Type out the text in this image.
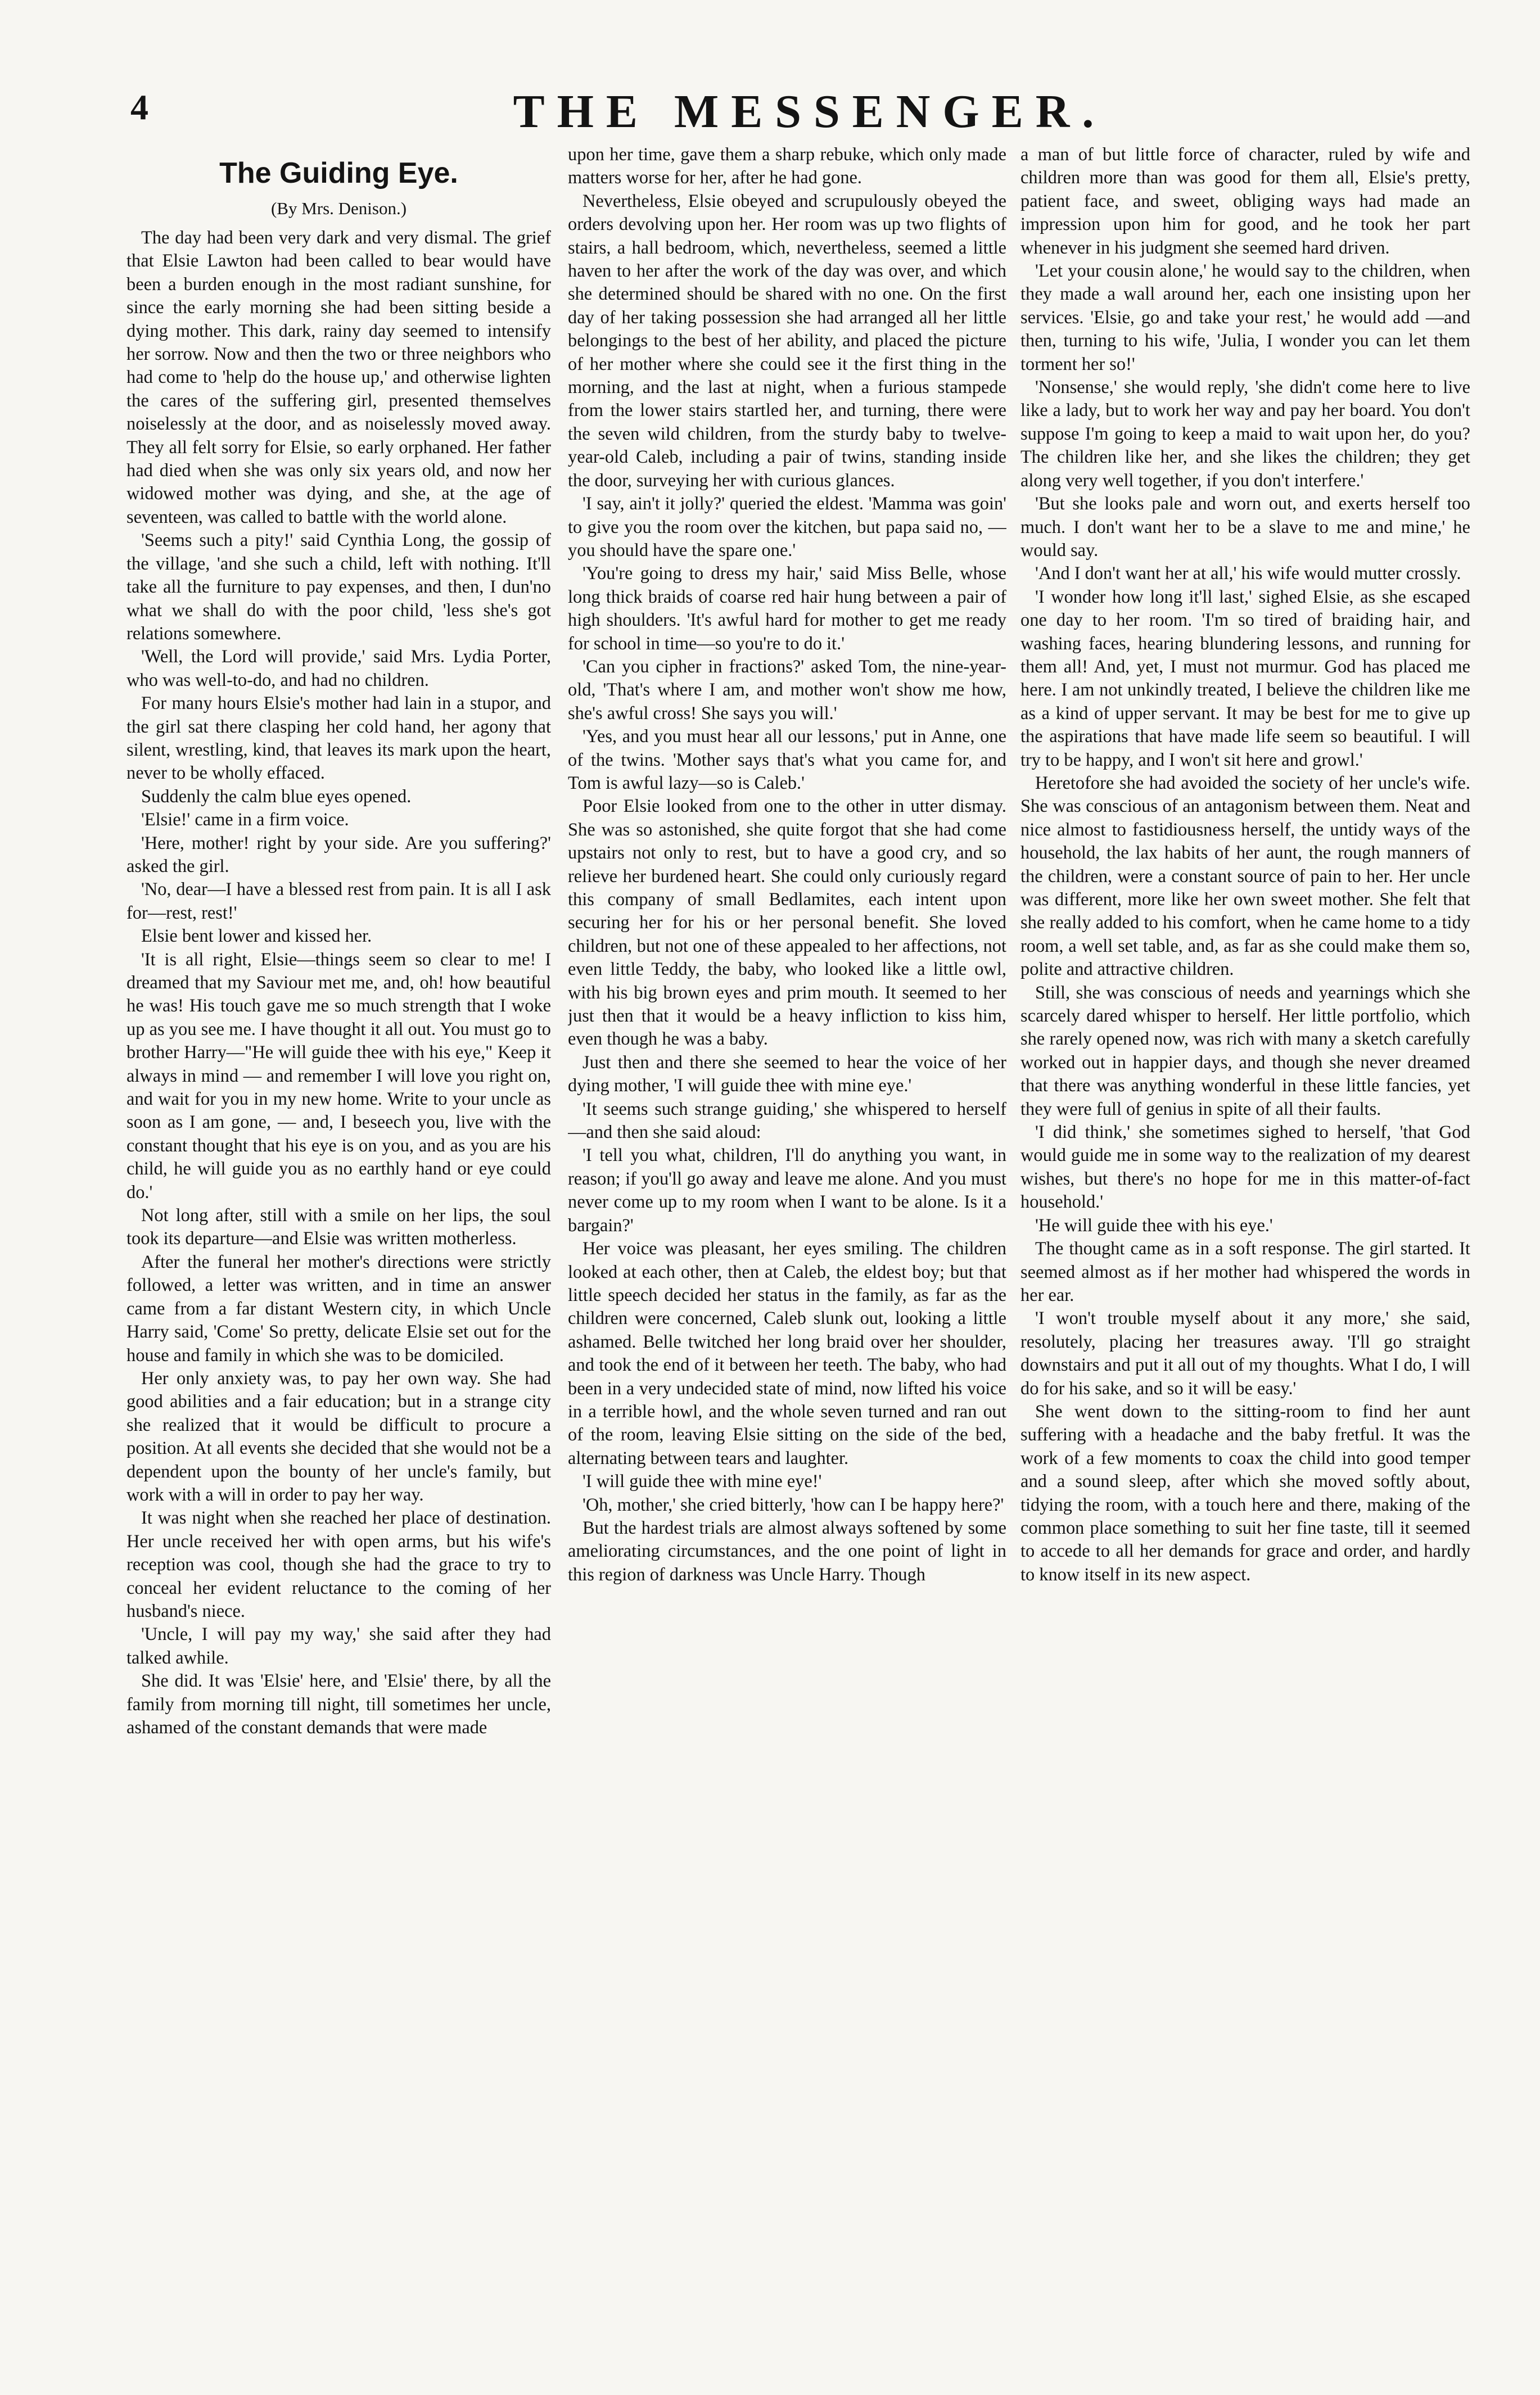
4	THE MESSENGER.
The Guiding Eye.
(By Mrs. Denison.)

The day had been very dark and very dismal. The grief that Elsie Lawton had been called to bear would have been a burden enough in the most radiant sunshine, for since the early morning she had been sitting beside a dying mother. This dark, rainy day seemed to intensify her sorrow. Now and then the two or three neighbors who had come to 'help do the house up,' and otherwise lighten the cares of the suffering girl, presented themselves noiselessly at the door, and as noiselessly moved away. They all felt sorry for Elsie, so early orphaned. Her father had died when she was only six years old, and now her widowed mother was dying, and she, at the age of seventeen, was called to battle with the world alone.

'Seems such a pity!' said Cynthia Long, the gossip of the village, 'and she such a child, left with nothing. It'll take all the furniture to pay expenses, and then, I dun'no what we shall do with the poor child, 'less she's got relations somewhere.

'Well, the Lord will provide,' said Mrs. Lydia Porter, who was well-to-do, and had no children.

For many hours Elsie's mother had lain in a stupor, and the girl sat there clasping her cold hand, her agony that silent, wrestling, kind, that leaves its mark upon the heart, never to be wholly effaced.

Suddenly the calm blue eyes opened.

'Elsie!' came in a firm voice.

'Here, mother! right by your side. Are you suffering?' asked the girl.

'No, dear—I have a blessed rest from pain. It is all I ask for—rest, rest!'

Elsie bent lower and kissed her.

'It is all right, Elsie—things seem so clear to me! I dreamed that my Saviour met me, and, oh! how beautiful he was! His touch gave me so much strength that I woke up as you see me. I have thought it all out. You must go to brother Harry—"He will guide thee with his eye," Keep it always in mind — and remember I will love you right on, and wait for you in my new home. Write to your uncle as soon as I am gone, — and, I beseech you, live with the constant thought that his eye is on you, and as you are his child, he will guide you as no earthly hand or eye could do.'

Not long after, still with a smile on her lips, the soul took its departure—and Elsie was written motherless.

After the funeral her mother's directions were strictly followed, a letter was written, and in time an answer came from a far distant Western city, in which Uncle Harry said, 'Come' So pretty, delicate Elsie set out for the house and family in which she was to be domiciled.

Her only anxiety was, to pay her own way. She had good abilities and a fair education; but in a strange city she realized that it would be difficult to procure a position. At all events she decided that she would not be a dependent upon the bounty of her uncle's family, but work with a will in order to pay her way.

It was night when she reached her place of destination. Her uncle received her with open arms, but his wife's reception was cool, though she had the grace to try to conceal her evident reluctance to the coming of her husband's niece.

'Uncle, I will pay my way,' she said after they had talked awhile.

She did. It was 'Elsie' here, and 'Elsie' there, by all the family from morning till night, till sometimes her uncle, ashamed of the constant demands that were made

upon her time, gave them a sharp rebuke, which only made matters worse for her, after he had gone.

Nevertheless, Elsie obeyed and scrupulously obeyed the orders devolving upon her. Her room was up two flights of stairs, a hall bedroom, which, nevertheless, seemed a little haven to her after the work of the day was over, and which she determined should be shared with no one. On the first day of her taking possession she had arranged all her little belongings to the best of her ability, and placed the picture of her mother where she could see it the first thing in the morning, and the last at night, when a furious stampede from the lower stairs startled her, and turning, there were the seven wild children, from the sturdy baby to twelve-year-old Caleb, including a pair of twins, standing inside the door, surveying her with curious glances.

'I say, ain't it jolly?' queried the eldest. 'Mamma was goin' to give you the room over the kitchen, but papa said no, — you should have the spare one.'

'You're going to dress my hair,' said Miss Belle, whose long thick braids of coarse red hair hung between a pair of high shoulders. 'It's awful hard for mother to get me ready for school in time—so you're to do it.'

'Can you cipher in fractions?' asked Tom, the nine-year-old, 'That's where I am, and mother won't show me how, she's awful cross! She says you will.'

'Yes, and you must hear all our lessons,' put in Anne, one of the twins. 'Mother says that's what you came for, and Tom is awful lazy—so is Caleb.'

Poor Elsie looked from one to the other in utter dismay. She was so astonished, she quite forgot that she had come upstairs not only to rest, but to have a good cry, and so relieve her burdened heart. She could only curiously regard this company of small Bedlamites, each intent upon securing her for his or her personal benefit. She loved children, but not one of these appealed to her affections, not even little Teddy, the baby, who looked like a little owl, with his big brown eyes and prim mouth. It seemed to her just then that it would be a heavy infliction to kiss him, even though he was a baby.

Just then and there she seemed to hear the voice of her dying mother, 'I will guide thee with mine eye.'

'It seems such strange guiding,' she whispered to herself—and then she said aloud:

'I tell you what, children, I'll do anything you want, in reason; if you'll go away and leave me alone. And you must never come up to my room when I want to be alone. Is it a bargain?'

Her voice was pleasant, her eyes smiling. The children looked at each other, then at Caleb, the eldest boy; but that little speech decided her status in the family, as far as the children were concerned, Caleb slunk out, looking a little ashamed. Belle twitched her long braid over her shoulder, and took the end of it between her teeth. The baby, who had been in a very undecided state of mind, now lifted his voice in a terrible howl, and the whole seven turned and ran out of the room, leaving Elsie sitting on the side of the bed, alternating between tears and laughter.

'I will guide thee with mine eye!'

'Oh, mother,' she cried bitterly, 'how can I be happy here?'

But the hardest trials are almost always softened by some ameliorating circumstances, and the one point of light in this region of darkness was Uncle Harry. Though

a man of but little force of character, ruled by wife and children more than was good for them all, Elsie's pretty, patient face, and sweet, obliging ways had made an impression upon him for good, and he took her part whenever in his judgment she seemed hard driven.

'Let your cousin alone,' he would say to the children, when they made a wall around her, each one insisting upon her services. 'Elsie, go and take your rest,' he would add —and then, turning to his wife, 'Julia, I wonder you can let them torment her so!'

'Nonsense,' she would reply, 'she didn't come here to live like a lady, but to work her way and pay her board. You don't suppose I'm going to keep a maid to wait upon her, do you? The children like her, and she likes the children; they get along very well together, if you don't interfere.'

'But she looks pale and worn out, and exerts herself too much. I don't want her to be a slave to me and mine,' he would say.

'And I don't want her at all,' his wife would mutter crossly.

'I wonder how long it'll last,' sighed Elsie, as she escaped one day to her room. 'I'm so tired of braiding hair, and washing faces, hearing blundering lessons, and running for them all! And, yet, I must not murmur. God has placed me here. I am not unkindly treated, I believe the children like me as a kind of upper servant. It may be best for me to give up the aspirations that have made life seem so beautiful. I will try to be happy, and I won't sit here and growl.'

Heretofore she had avoided the society of her uncle's wife. She was conscious of an antagonism between them. Neat and nice almost to fastidiousness herself, the untidy ways of the household, the lax habits of her aunt, the rough manners of the children, were a constant source of pain to her. Her uncle was different, more like her own sweet mother. She felt that she really added to his comfort, when he came home to a tidy room, a well set table, and, as far as she could make them so, polite and attractive children.

Still, she was conscious of needs and yearnings which she scarcely dared whisper to herself. Her little portfolio, which she rarely opened now, was rich with many a sketch carefully worked out in happier days, and though she never dreamed that there was anything wonderful in these little fancies, yet they were full of genius in spite of all their faults.

'I did think,' she sometimes sighed to herself, 'that God would guide me in some way to the realization of my dearest wishes, but there's no hope for me in this matter-of-fact household.'

'He will guide thee with his eye.'

The thought came as in a soft response. The girl started. It seemed almost as if her mother had whispered the words in her ear.

'I won't trouble myself about it any more,' she said, resolutely, placing her treasures away. 'I'll go straight downstairs and put it all out of my thoughts. What I do, I will do for his sake, and so it will be easy.'

She went down to the sitting-room to find her aunt suffering with a headache and the baby fretful. It was the work of a few moments to coax the child into good temper and a sound sleep, after which she moved softly about, tidying the room, with a touch here and there, making of the common place something to suit her fine taste, till it seemed to accede to all her demands for grace and order, and hardly to know itself in its new aspect.
